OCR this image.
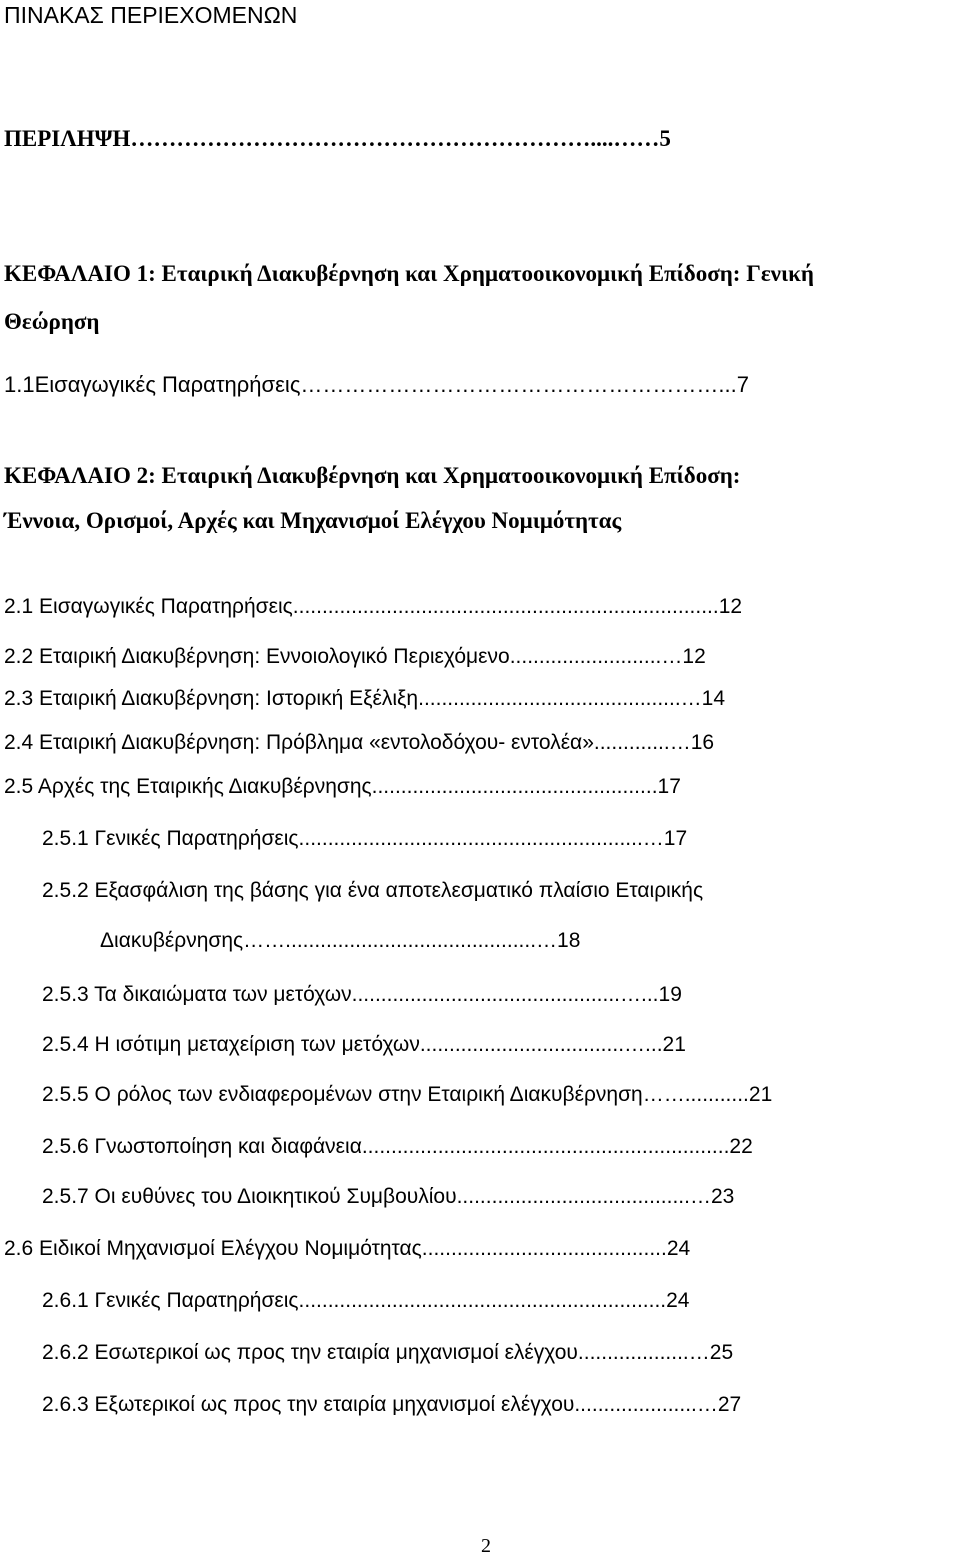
ΠΙΝΑΚΑΣ ΠΕΡΙΕΧΟΜΕΝΩΝ
ΠΕΡΙΛΗΨΗ……………………………………………………....……5
ΚΕΦΑΛΑΙΟ 1: Εταιρική Διακυβέρνηση και Χρηματοοικονομική Επίδοση: Γενική
Θεώρηση
1.1Εισαγωγικές Παρατηρήσεις…………………………………………………...7
ΚΕΦΑΛΑΙΟ 2: Εταιρική Διακυβέρνηση και Χρηματοοικονομική Επίδοση:
Έννοια, Ορισμοί, Αρχές και Μηχανισμοί Ελέγχου Νομιμότητας
2.1 Εισαγωγικές Παρατηρήσεις.........................................................................12
2.2 Εταιρική Διακυβέρνηση: Εννοιολογικό Περιεχόμενο..........................…12
2.3 Εταιρική Διακυβέρνηση: Ιστορική Εξέλιξη.............................................…14
2.4 Εταιρική Διακυβέρνηση: Πρόβλημα «εντολοδόχου- εντολέα».............…16
2.5 Αρχές της Εταιρικής Διακυβέρνησης.................................................17
2.5.1 Γενικές Παρατηρήσεις...........................................................…17
2.5.2 Εξασφάλιση της βάσης για ένα αποτελεσματικό πλαίσιο Εταιρικής
Διακυβέρνησης……...........................................…18
2.5.3 Τα δικαιώματα των μετόχων..............................................…...19
2.5.4 Η ισότιμη μεταχείριση των μετόχων...................................…...21
2.5.5 Ο ρόλος των ενδιαφερομένων στην Εταιρική Διακυβέρνηση……...........21
2.5.6 Γνωστοποίηση και διαφάνεια...............................................................22
2.5.7 Οι ευθύνες του Διοικητικού Συμβουλίου........................................…23
2.6 Ειδικοί Μηχανισμοί Ελέγχου Νομιμότητας..........................................24
2.6.1 Γενικές Παρατηρήσεις...............................................................24
2.6.2 Εσωτερικοί ως προς την εταιρία μηχανισμοί ελέγχου...................…25
2.6.3 Εξωτερικοί ως προς την εταιρία μηχανισμοί ελέγχου.....................…27
2
